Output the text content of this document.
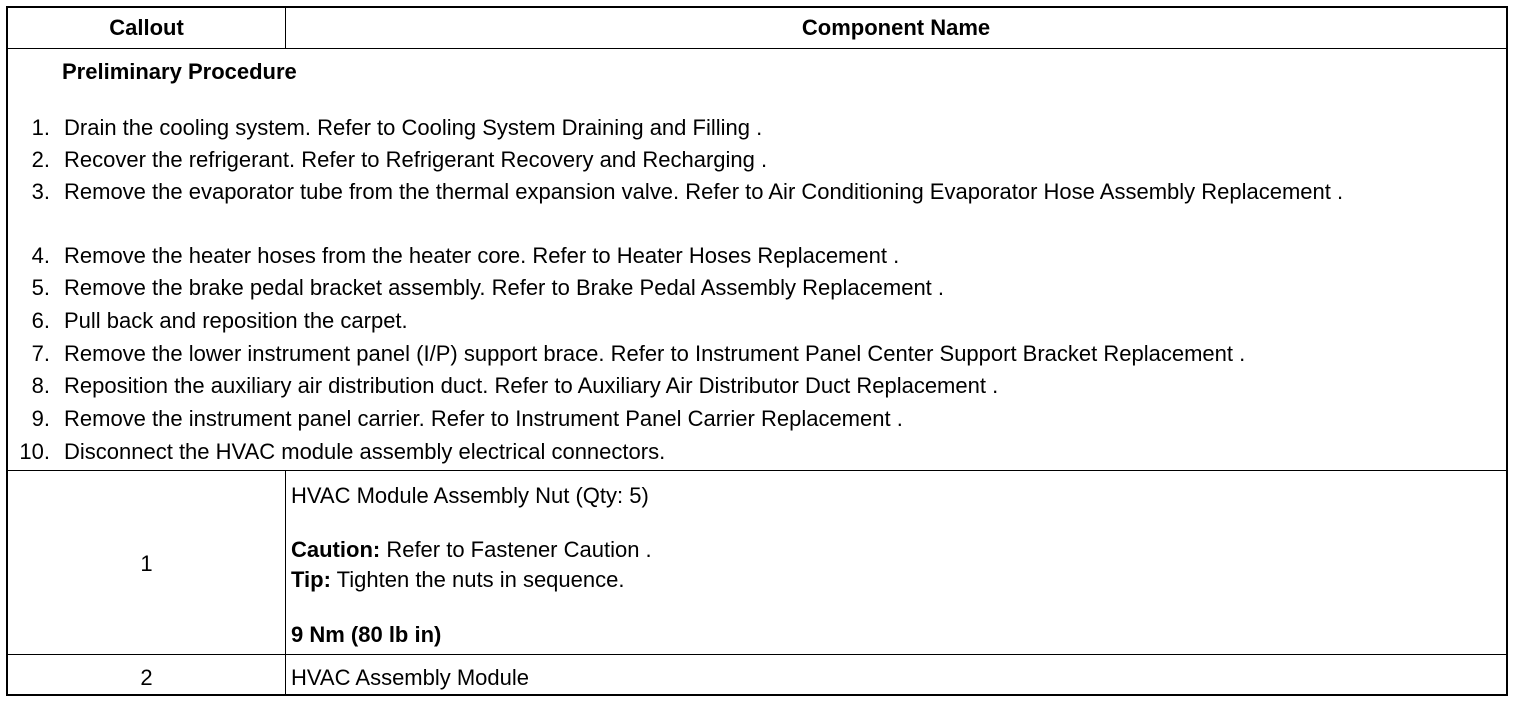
Callout	Component Name
Preliminary Procedure
1. Drain the cooling system. Refer to Cooling System Draining and Filling .
2. Recover the refrigerant. Refer to Refrigerant Recovery and Recharging .
3. Remove the evaporator tube from the thermal expansion valve. Refer to Air Conditioning Evaporator Hose Assembly Replacement .
4. Remove the heater hoses from the heater core. Refer to Heater Hoses Replacement .
5. Remove the brake pedal bracket assembly. Refer to Brake Pedal Assembly Replacement .
6. Pull back and reposition the carpet.
7. Remove the lower instrument panel (I/P) support brace. Refer to Instrument Panel Center Support Bracket Replacement .
8. Reposition the auxiliary air distribution duct. Refer to Auxiliary Air Distributor Duct Replacement .
9. Remove the instrument panel carrier. Refer to Instrument Panel Carrier Replacement .
10. Disconnect the HVAC module assembly electrical connectors.
1
HVAC Module Assembly Nut (Qty: 5)
Caution: Refer to Fastener Caution .
Tip: Tighten the nuts in sequence.
9 Nm (80 lb in)
2	HVAC Assembly Module
